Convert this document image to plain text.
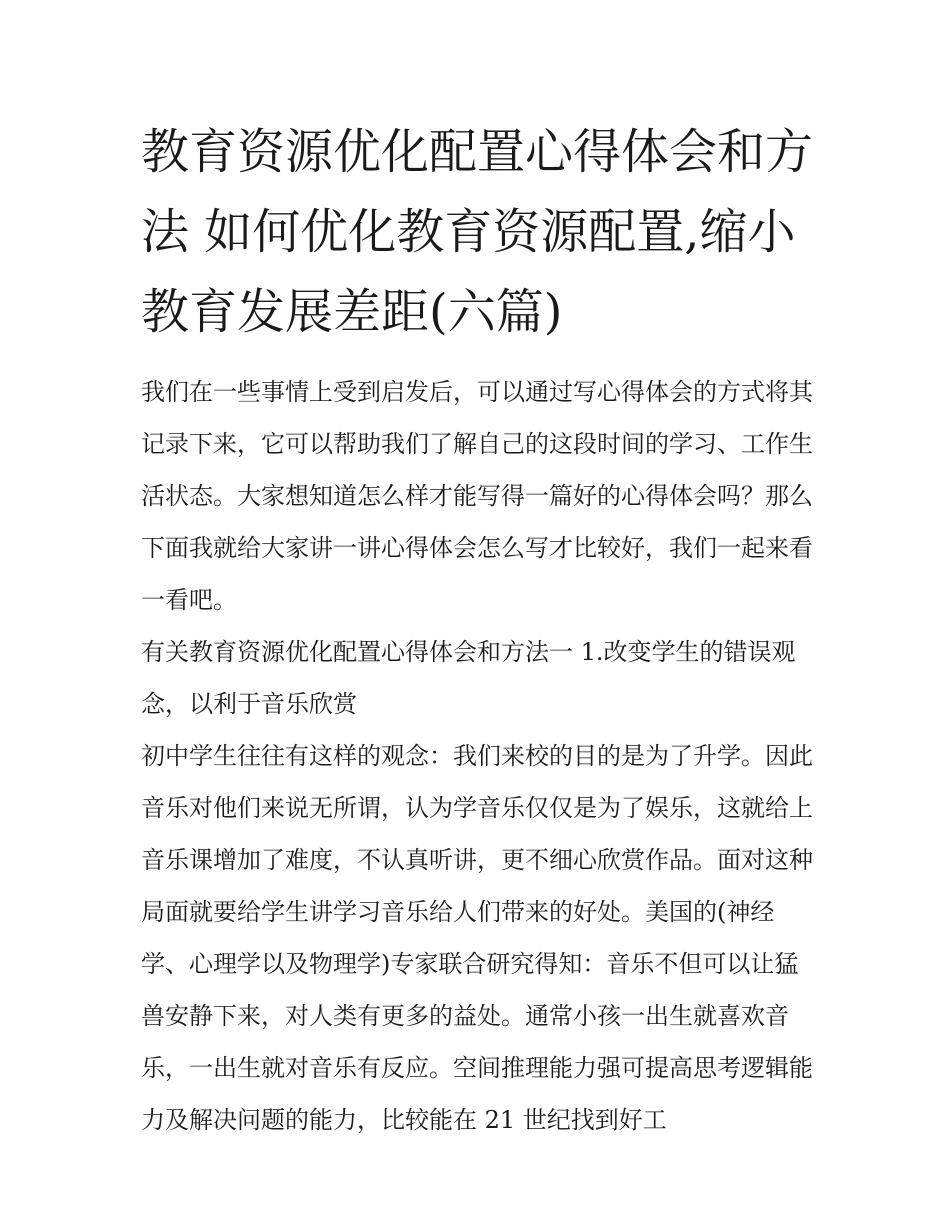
教育资源优化配置心得体会和方法 如何优化教育资源配置,缩小教育发展差距(六篇)

我们在一些事情上受到启发后，可以通过写心得体会的方式将其记录下来，它可以帮助我们了解自己的这段时间的学习、工作生活状态。大家想知道怎么样才能写得一篇好的心得体会吗？那么下面我就给大家讲一讲心得体会怎么写才比较好，我们一起来看一看吧。

有关教育资源优化配置心得体会和方法一 1.改变学生的错误观念，以利于音乐欣赏

初中学生往往有这样的观念：我们来校的目的是为了升学。因此音乐对他们来说无所谓，认为学音乐仅仅是为了娱乐，这就给上音乐课增加了难度，不认真听讲，更不细心欣赏作品。面对这种局面就要给学生讲学习音乐给人们带来的好处。美国的(神经学、心理学以及物理学)专家联合研究得知：音乐不但可以让猛兽安静下来，对人类有更多的益处。通常小孩一出生就喜欢音乐，一出生就对音乐有反应。空间推理能力强可提高思考逻辑能力及解决问题的能力，比较能在 21 世纪找到好工
